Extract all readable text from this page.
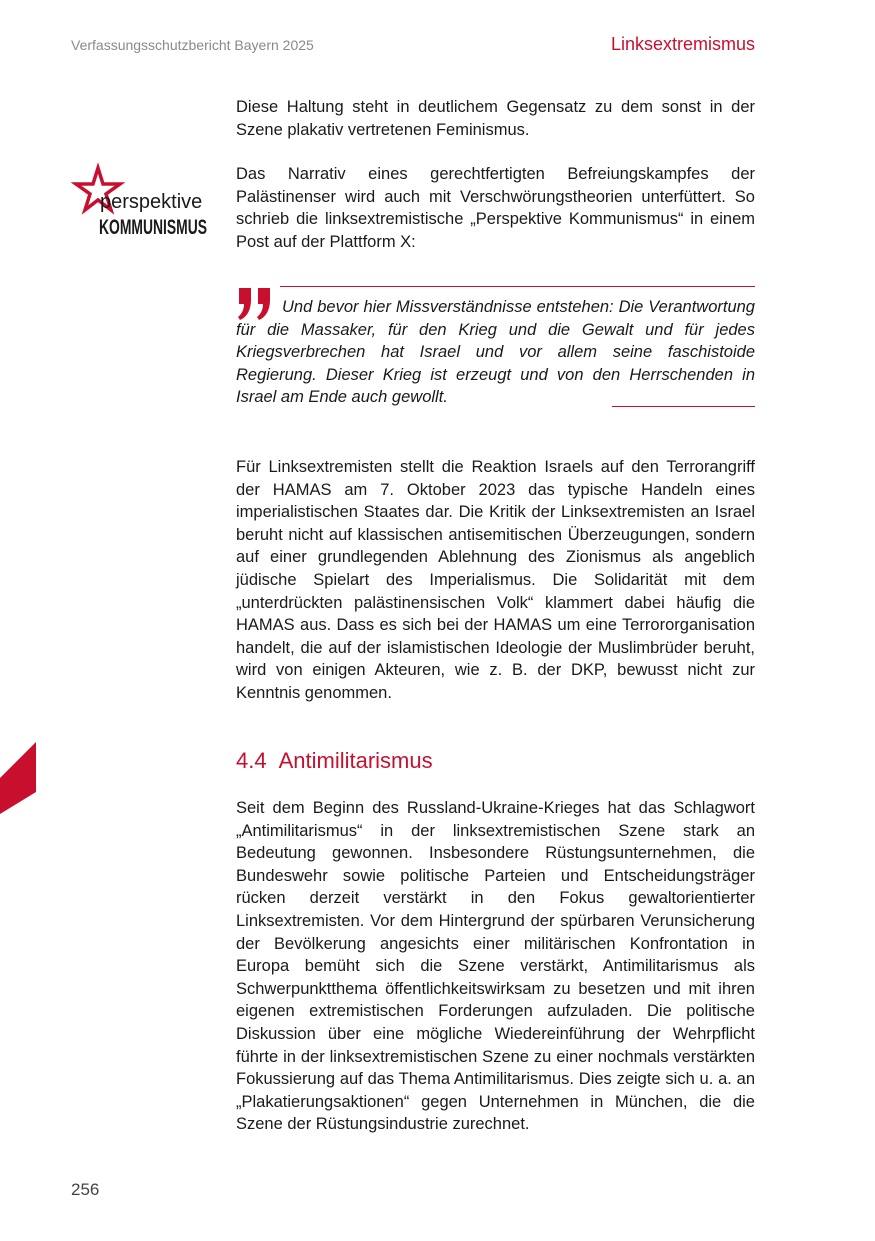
Verfassungsschutzbericht Bayern 2025	Linksextremismus
perspektive
KOMMUNISMUS

Diese Haltung steht in deutlichem Gegensatz zu dem sonst in der Szene plakativ vertretenen Feminismus.

Das Narrativ eines gerechtfertigten Befreiungskampfes der Palästinenser wird auch mit Verschwörungstheorien unterfüttert. So schrieb die linksextremistische „Perspektive Kommunismus“ in einem Post auf der Plattform X:

Und bevor hier Missverständnisse entstehen: Die Verantwortung für die Massaker, für den Krieg und die Gewalt und für jedes Kriegsverbrechen hat Israel und vor allem seine faschistoide Regierung. Dieser Krieg ist erzeugt und von den Herrschenden in Israel am Ende auch gewollt.

Für Linksextremisten stellt die Reaktion Israels auf den Terrorangriff der HAMAS am 7. Oktober 2023 das typische Handeln eines imperialistischen Staates dar. Die Kritik der Linksextremisten an Israel beruht nicht auf klassischen antisemitischen Überzeugungen, sondern auf einer grundlegenden Ablehnung des Zionismus als angeblich jüdische Spielart des Imperialismus. Die Solidarität mit dem „unterdrückten palästinensischen Volk“ klammert dabei häufig die HAMAS aus. Dass es sich bei der HAMAS um eine Terrororganisation handelt, die auf der islamistischen Ideologie der Muslimbrüder beruht, wird von einigen Akteuren, wie z. B. der DKP, bewusst nicht zur Kenntnis genommen.

4.4 Antimilitarismus

Seit dem Beginn des Russland-Ukraine-Krieges hat das Schlagwort „Antimilitarismus“ in der linksextremistischen Szene stark an Bedeutung gewonnen. Insbesondere Rüstungsunternehmen, die Bundeswehr sowie politische Parteien und Entscheidungsträger rücken derzeit verstärkt in den Fokus gewaltorientierter Linksextremisten. Vor dem Hintergrund der spürbaren Verunsicherung der Bevölkerung angesichts einer militärischen Konfrontation in Europa bemüht sich die Szene verstärkt, Antimilitarismus als Schwerpunktthema öffentlichkeitswirksam zu besetzen und mit ihren eigenen extremistischen Forderungen aufzuladen. Die politische Diskussion über eine mögliche Wiedereinführung der Wehrpflicht führte in der linksextremistischen Szene zu einer nochmals verstärkten Fokussierung auf das Thema Antimilitarismus. Dies zeigte sich u. a. an „Plakatierungsaktionen“ gegen Unternehmen in München, die die Szene der Rüstungsindustrie zurechnet.

256
